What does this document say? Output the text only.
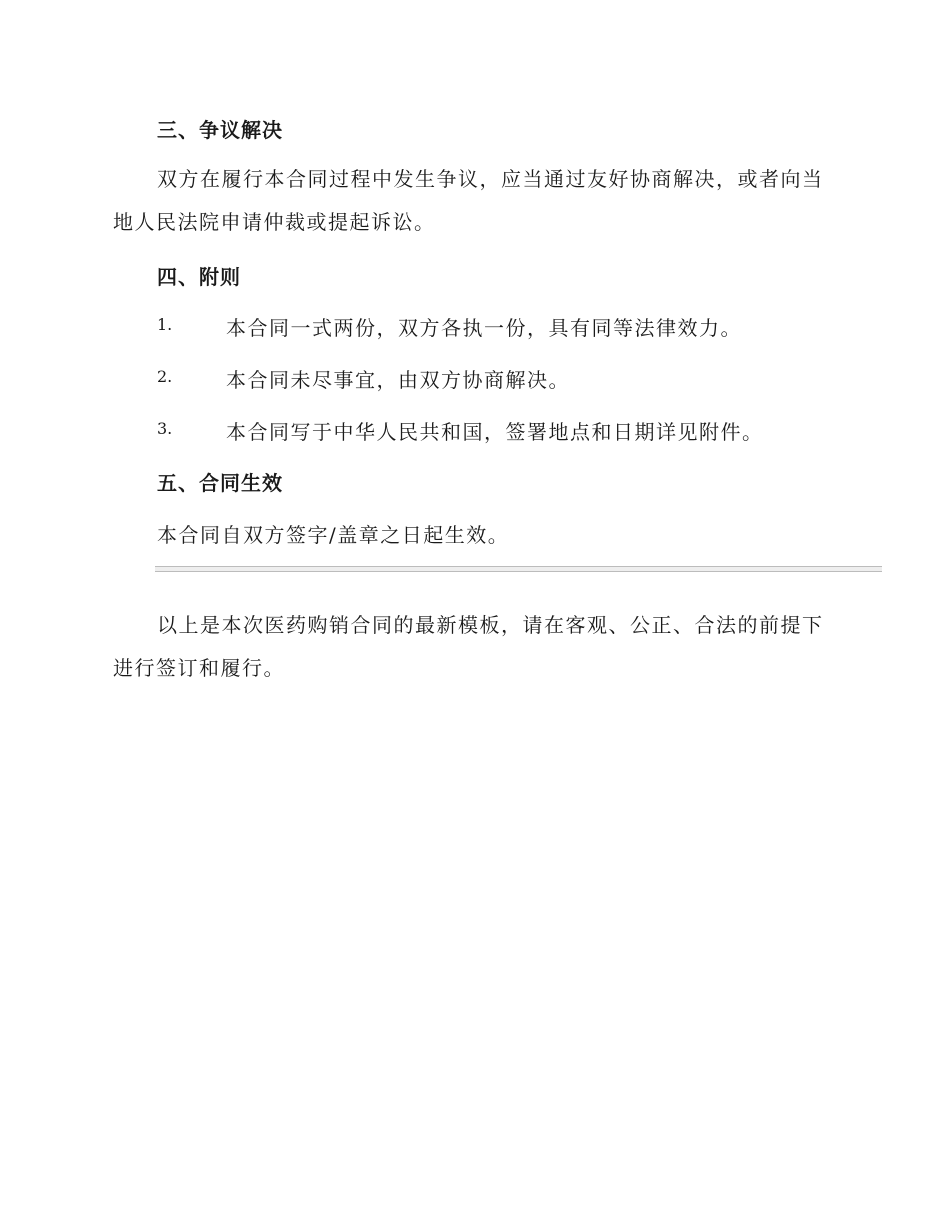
三、争议解决
双方在履行本合同过程中发生争议，应当通过友好协商解决，或者向当地人民法院申请仲裁或提起诉讼。
四、附则
1.	本合同一式两份，双方各执一份，具有同等法律效力。
2.	本合同未尽事宜，由双方协商解决。
3.	本合同写于中华人民共和国，签署地点和日期详见附件。
五、合同生效
本合同自双方签字/盖章之日起生效。
以上是本次医药购销合同的最新模板，请在客观、公正、合法的前提下进行签订和履行。
